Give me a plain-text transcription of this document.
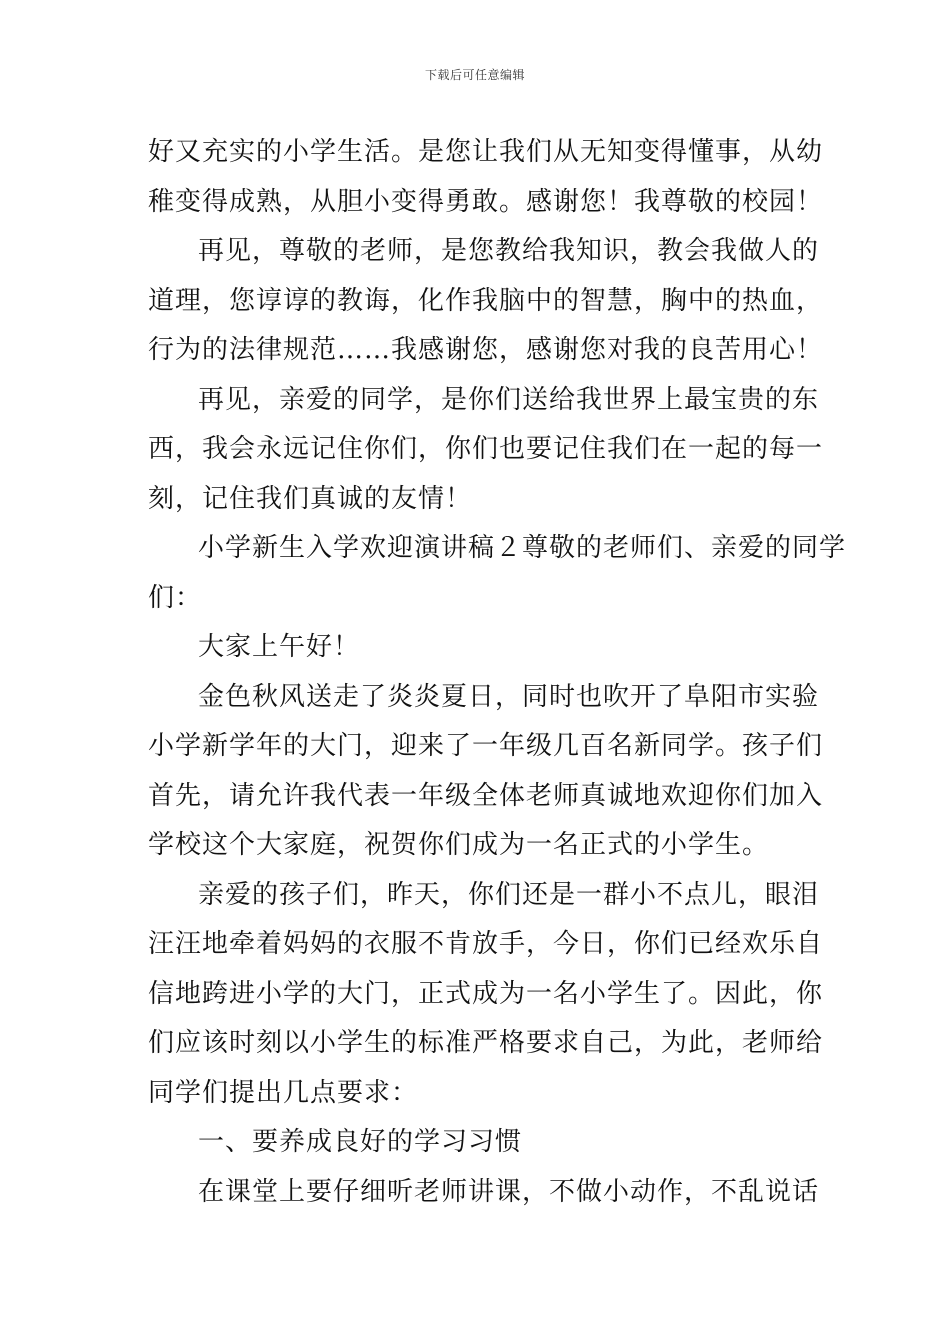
下载后可任意编辑
好又充实的小学生活。是您让我们从无知变得懂事，从幼
稚变得成熟，从胆小变得勇敢。感谢您！我尊敬的校园！
再见，尊敬的老师，是您教给我知识，教会我做人的
道理，您谆谆的教诲，化作我脑中的智慧，胸中的热血，
行为的法律规范……我感谢您，感谢您对我的良苦用心！
再见，亲爱的同学，是你们送给我世界上最宝贵的东
西，我会永远记住你们，你们也要记住我们在一起的每一
刻，记住我们真诚的友情！
小学新生入学欢迎演讲稿２尊敬的老师们、亲爱的同学
们：
大家上午好！
金色秋风送走了炎炎夏日，同时也吹开了阜阳市实验
小学新学年的大门，迎来了一年级几百名新同学。孩子们
首先，请允许我代表一年级全体老师真诚地欢迎你们加入
学校这个大家庭，祝贺你们成为一名正式的小学生。
亲爱的孩子们，昨天，你们还是一群小不点儿，眼泪
汪汪地牵着妈妈的衣服不肯放手，今日，你们已经欢乐自
信地跨进小学的大门，正式成为一名小学生了。因此，你
们应该时刻以小学生的标准严格要求自己，为此，老师给
同学们提出几点要求：
一、要养成良好的学习习惯
在课堂上要仔细听老师讲课，不做小动作，不乱说话
